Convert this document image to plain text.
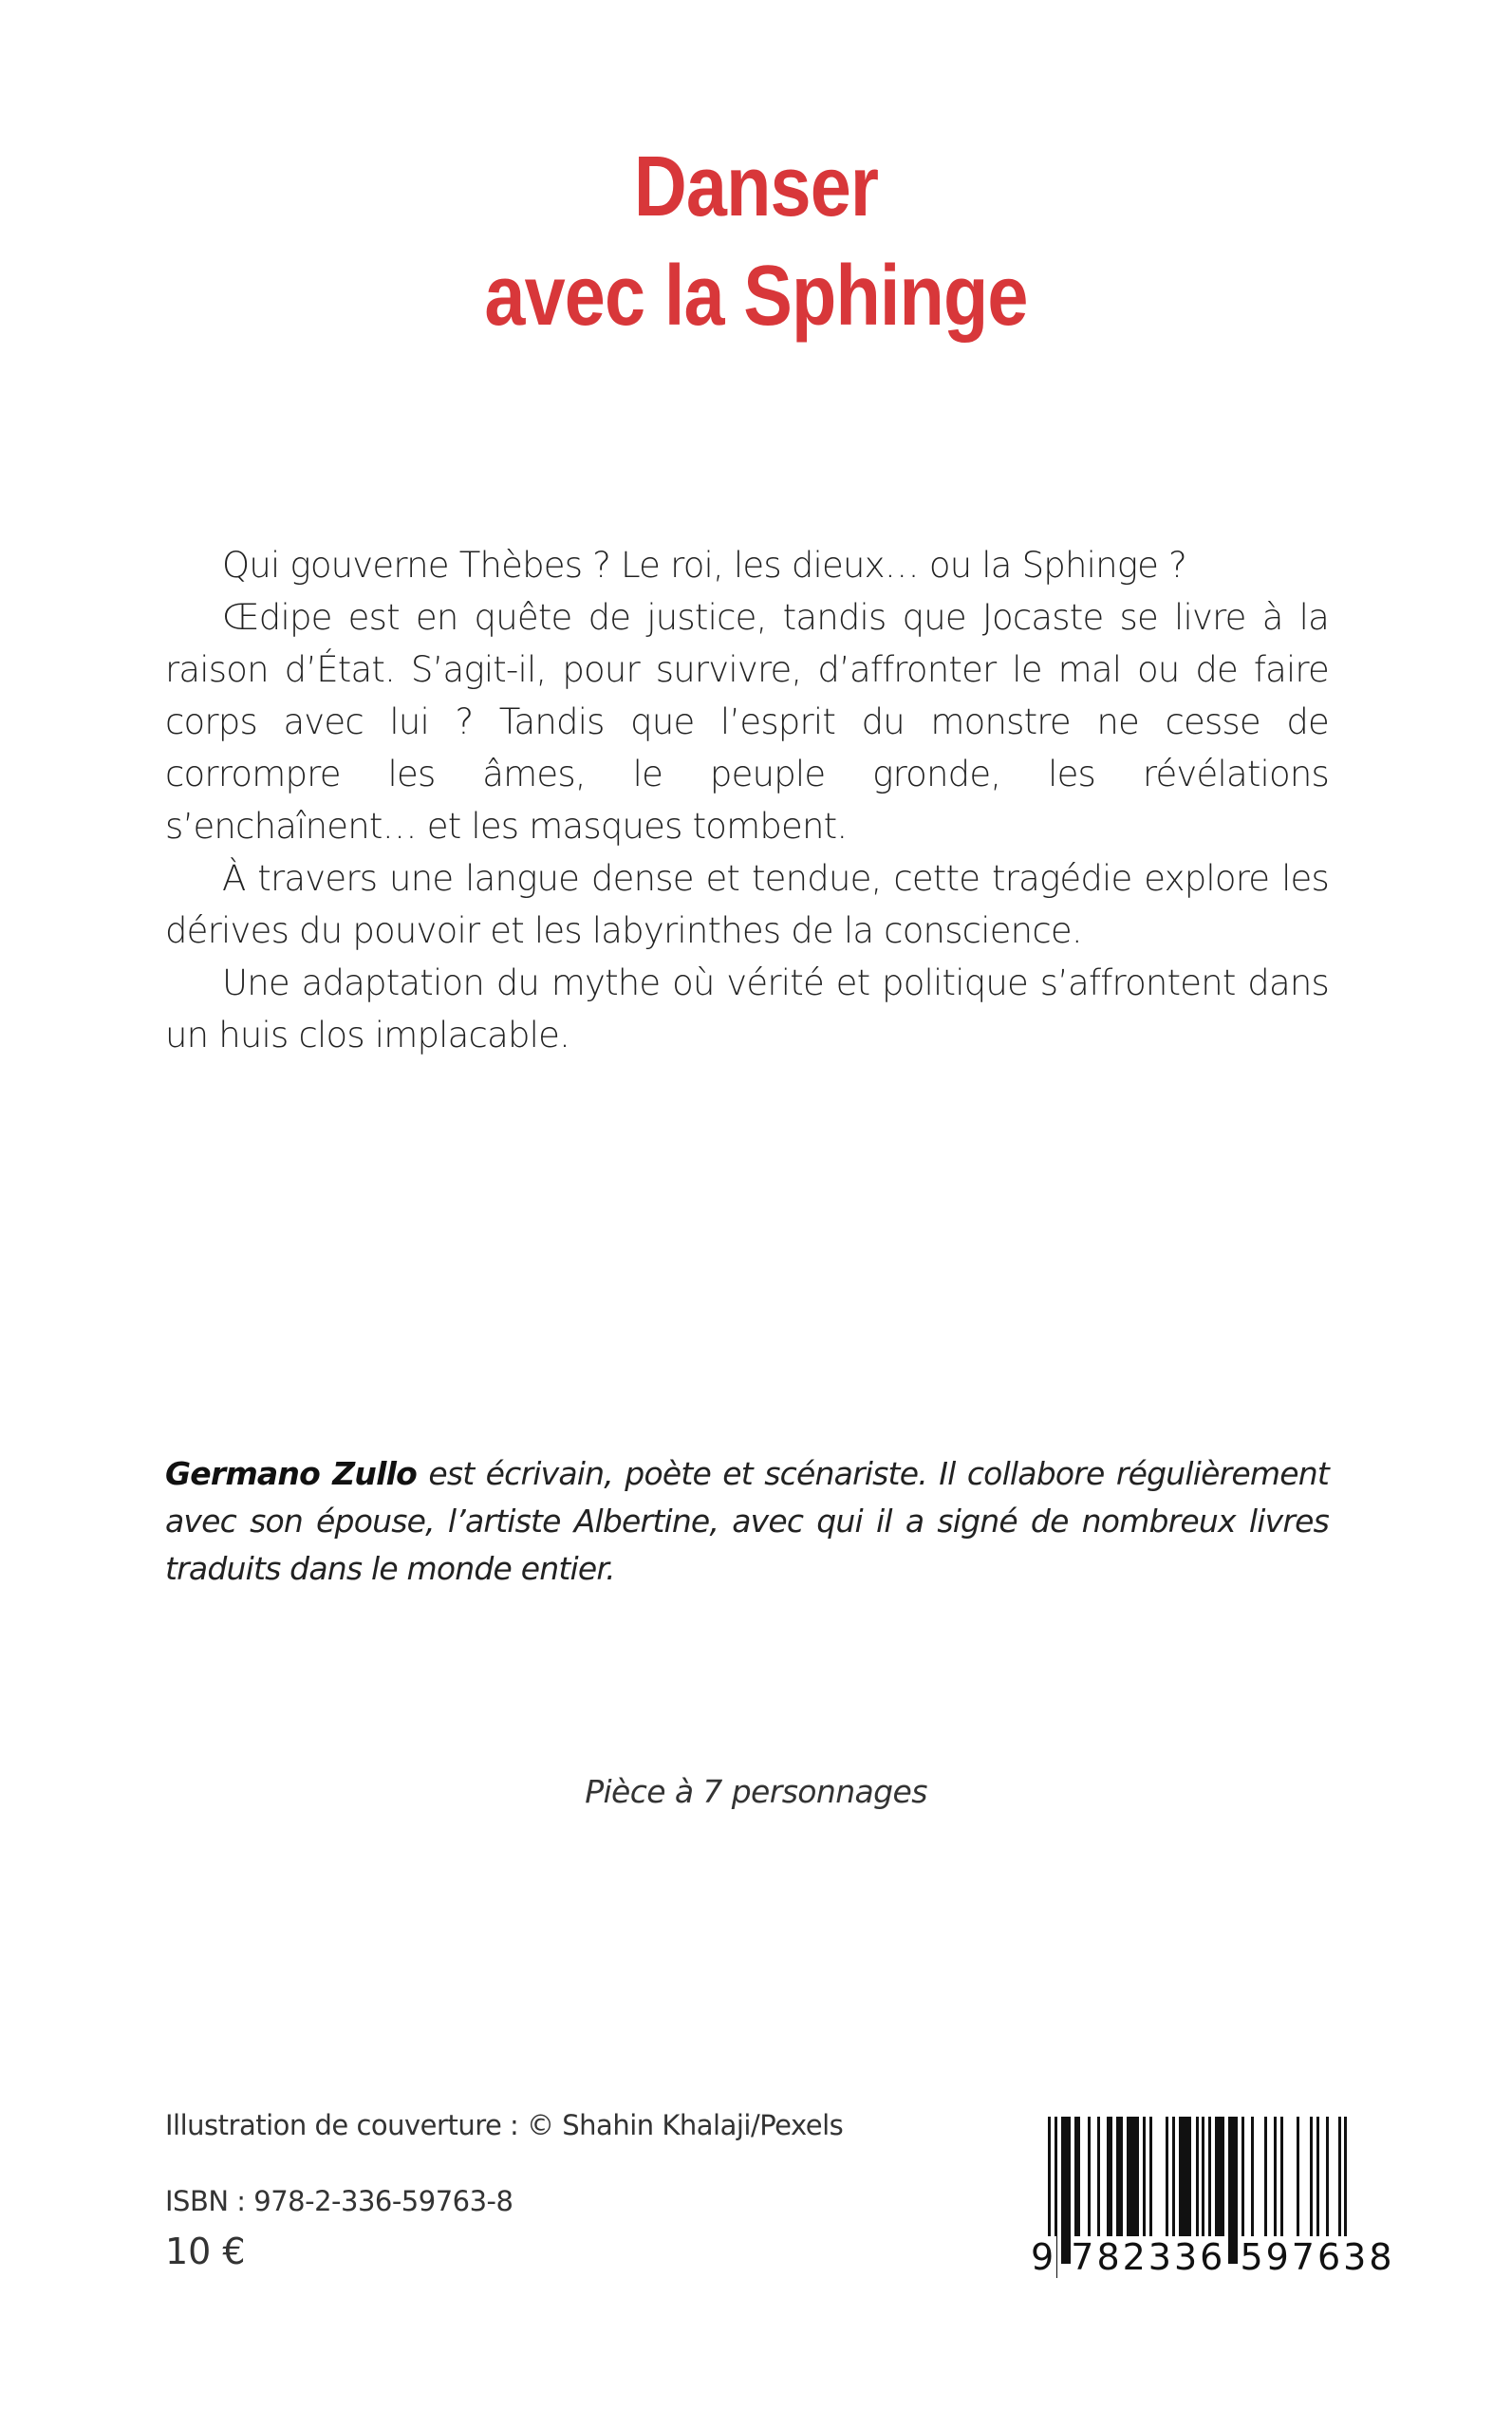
Danser
avec la Sphinge

Qui gouverne Thèbes ? Le roi, les dieux… ou la Sphinge ?

Œdipe est en quête de justice, tandis que Jocaste se livre à la raison d’État. S’agit-il, pour survivre, d’affronter le mal ou de faire corps avec lui ? Tandis que l’esprit du monstre ne cesse de corrompre les âmes, le peuple gronde, les révélations s’enchaînent… et les masques tombent.

À travers une langue dense et tendue, cette tragédie explore les dérives du pouvoir et les labyrinthes de la conscience.

Une adaptation du mythe où vérité et politique s’affrontent dans un huis clos implacable.

Germano Zullo est écrivain, poète et scénariste. Il collabore régulièrement avec son épouse, l’artiste Albertine, avec qui il a signé de nombreux livres traduits dans le monde entier.
Pièce à 7 personnages
Illustration de couverture : © Shahin Khalaji/Pexels
ISBN : 978-2-336-59763-8
10 €	9 782336 597638
